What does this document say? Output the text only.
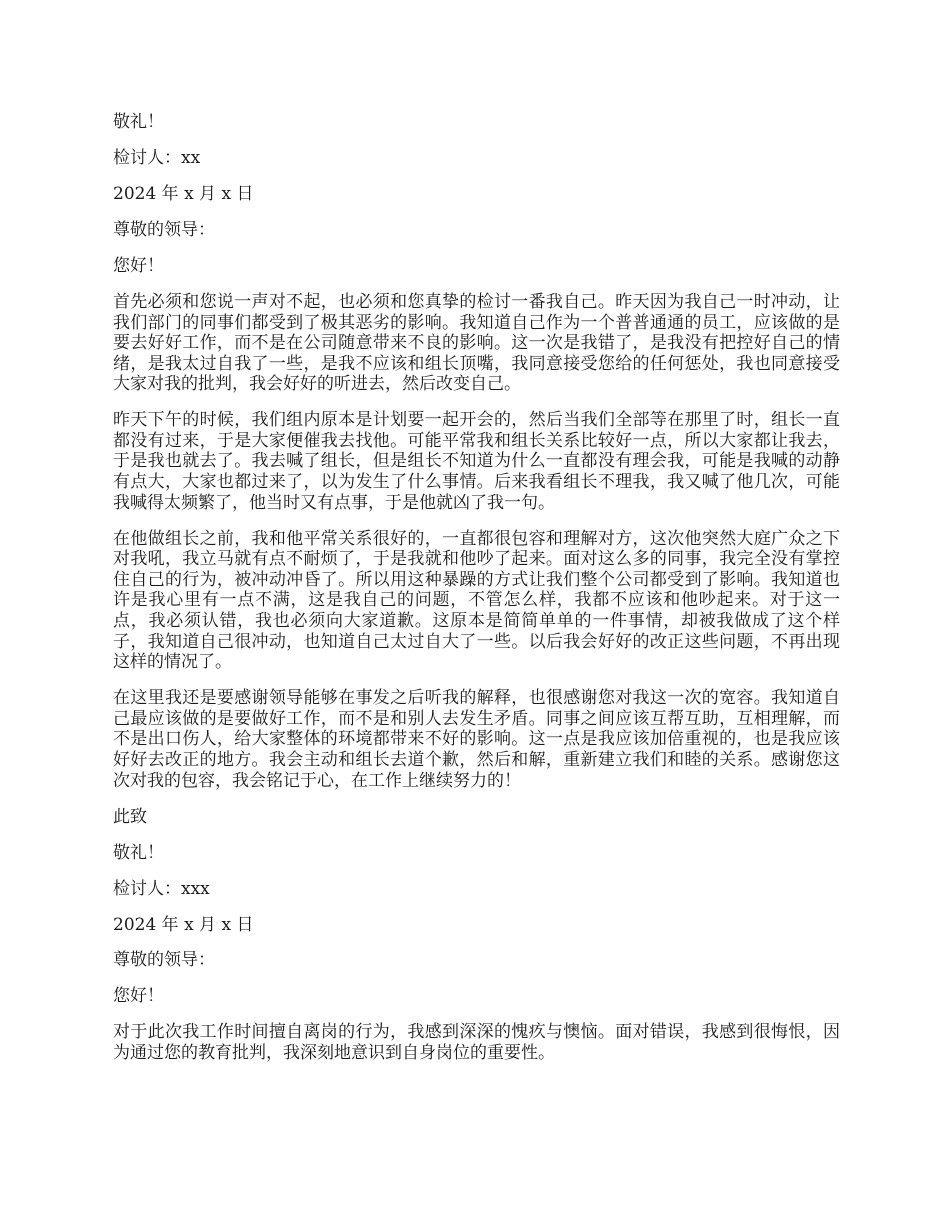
敬礼！
检讨人：xx
2024 年 x 月 x 日
尊敬的领导：
您好！

首先必须和您说一声对不起，也必须和您真挚的检讨一番我自己。昨天因为我自己一时冲动，让我们部门的同事们都受到了极其恶劣的影响。我知道自己作为一个普普通通的员工，应该做的是要去好好工作，而不是在公司随意带来不良的影响。这一次是我错了，是我没有把控好自己的情绪，是我太过自我了一些，是我不应该和组长顶嘴，我同意接受您给的任何惩处，我也同意接受大家对我的批判，我会好好的听进去，然后改变自己。

昨天下午的时候，我们组内原本是计划要一起开会的，然后当我们全部等在那里了时，组长一直都没有过来，于是大家便催我去找他。可能平常我和组长关系比较好一点，所以大家都让我去，于是我也就去了。我去喊了组长，但是组长不知道为什么一直都没有理会我，可能是我喊的动静有点大，大家也都过来了，以为发生了什么事情。后来我看组长不理我，我又喊了他几次，可能我喊得太频繁了，他当时又有点事，于是他就凶了我一句。

在他做组长之前，我和他平常关系很好的，一直都很包容和理解对方，这次他突然大庭广众之下对我吼，我立马就有点不耐烦了，于是我就和他吵了起来。面对这么多的同事，我完全没有掌控住自己的行为，被冲动冲昏了。所以用这种暴躁的方式让我们整个公司都受到了影响。我知道也许是我心里有一点不满，这是我自己的问题，不管怎么样，我都不应该和他吵起来。对于这一点，我必须认错，我也必须向大家道歉。这原本是简简单单的一件事情，却被我做成了这个样子，我知道自己很冲动，也知道自己太过自大了一些。以后我会好好的改正这些问题，不再出现这样的情况了。

在这里我还是要感谢领导能够在事发之后听我的解释，也很感谢您对我这一次的宽容。我知道自己最应该做的是要做好工作，而不是和别人去发生矛盾。同事之间应该互帮互助，互相理解，而不是出口伤人，给大家整体的环境都带来不好的影响。这一点是我应该加倍重视的，也是我应该好好去改正的地方。我会主动和组长去道个歉，然后和解，重新建立我们和睦的关系。感谢您这次对我的包容，我会铭记于心，在工作上继续努力的！

此致
敬礼！
检讨人：xxx
2024 年 x 月 x 日
尊敬的领导：
您好！

对于此次我工作时间擅自离岗的行为，我感到深深的愧疚与懊恼。面对错误，我感到很悔恨，因为通过您的教育批判，我深刻地意识到自身岗位的重要性。
